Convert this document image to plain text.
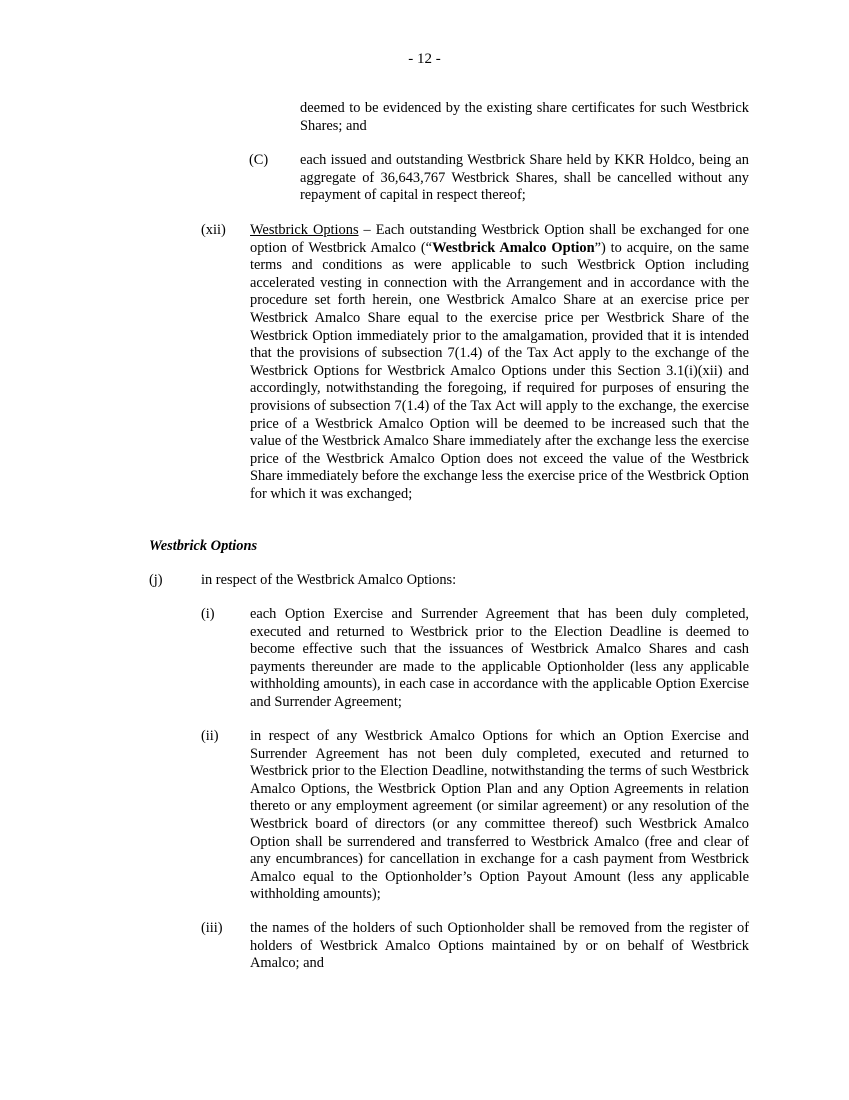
- 12 -
deemed to be evidenced by the existing share certificates for such Westbrick Shares; and
(C) each issued and outstanding Westbrick Share held by KKR Holdco, being an aggregate of 36,643,767 Westbrick Shares, shall be cancelled without any repayment of capital in respect thereof;
(xii) Westbrick Options – Each outstanding Westbrick Option shall be exchanged for one option of Westbrick Amalco (“Westbrick Amalco Option”) to acquire, on the same terms and conditions as were applicable to such Westbrick Option including accelerated vesting in connection with the Arrangement and in accordance with the procedure set forth herein, one Westbrick Amalco Share at an exercise price per Westbrick Amalco Share equal to the exercise price per Westbrick Share of the Westbrick Option immediately prior to the amalgamation, provided that it is intended that the provisions of subsection 7(1.4) of the Tax Act apply to the exchange of the Westbrick Options for Westbrick Amalco Options under this Section 3.1(i)(xii) and accordingly, notwithstanding the foregoing, if required for purposes of ensuring the provisions of subsection 7(1.4) of the Tax Act will apply to the exchange, the exercise price of a Westbrick Amalco Option will be deemed to be increased such that the value of the Westbrick Amalco Share immediately after the exchange less the exercise price of the Westbrick Amalco Option does not exceed the value of the Westbrick Share immediately before the exchange less the exercise price of the Westbrick Option for which it was exchanged;
Westbrick Options
(j)	in respect of the Westbrick Amalco Options:
(i) each Option Exercise and Surrender Agreement that has been duly completed, executed and returned to Westbrick prior to the Election Deadline is deemed to become effective such that the issuances of Westbrick Amalco Shares and cash payments thereunder are made to the applicable Optionholder (less any applicable withholding amounts), in each case in accordance with the applicable Option Exercise and Surrender Agreement;
(ii) in respect of any Westbrick Amalco Options for which an Option Exercise and Surrender Agreement has not been duly completed, executed and returned to Westbrick prior to the Election Deadline, notwithstanding the terms of such Westbrick Amalco Options, the Westbrick Option Plan and any Option Agreements in relation thereto or any employment agreement (or similar agreement) or any resolution of the Westbrick board of directors (or any committee thereof) such Westbrick Amalco Option shall be surrendered and transferred to Westbrick Amalco (free and clear of any encumbrances) for cancellation in exchange for a cash payment from Westbrick Amalco equal to the Optionholder’s Option Payout Amount (less any applicable withholding amounts);
(iii) the names of the holders of such Optionholder shall be removed from the register of holders of Westbrick Amalco Options maintained by or on behalf of Westbrick Amalco; and
